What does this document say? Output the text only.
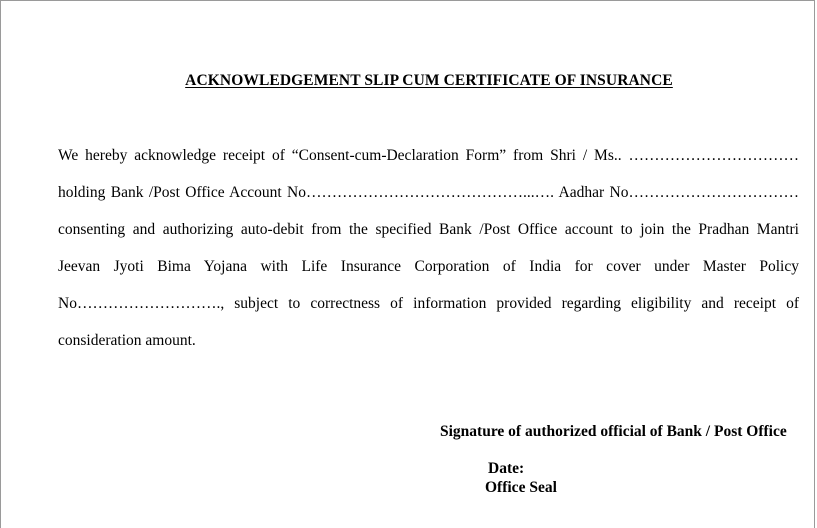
ACKNOWLEDGEMENT SLIP CUM CERTIFICATE OF INSURANCE
We hereby acknowledge receipt of “Consent-cum-Declaration Form” from Shri / Ms.. ……………………………
holding Bank /Post Office Account No……………………………………...…. Aadhar No……………………………
consenting and authorizing auto-debit from the specified Bank /Post Office account to join the Pradhan Mantri
Jeevan Jyoti Bima Yojana with Life Insurance Corporation of India for cover under Master Policy
No………………………., subject to correctness of information provided regarding eligibility and receipt of
consideration amount.
Signature of authorized official of Bank / Post Office
Date:
Office Seal
